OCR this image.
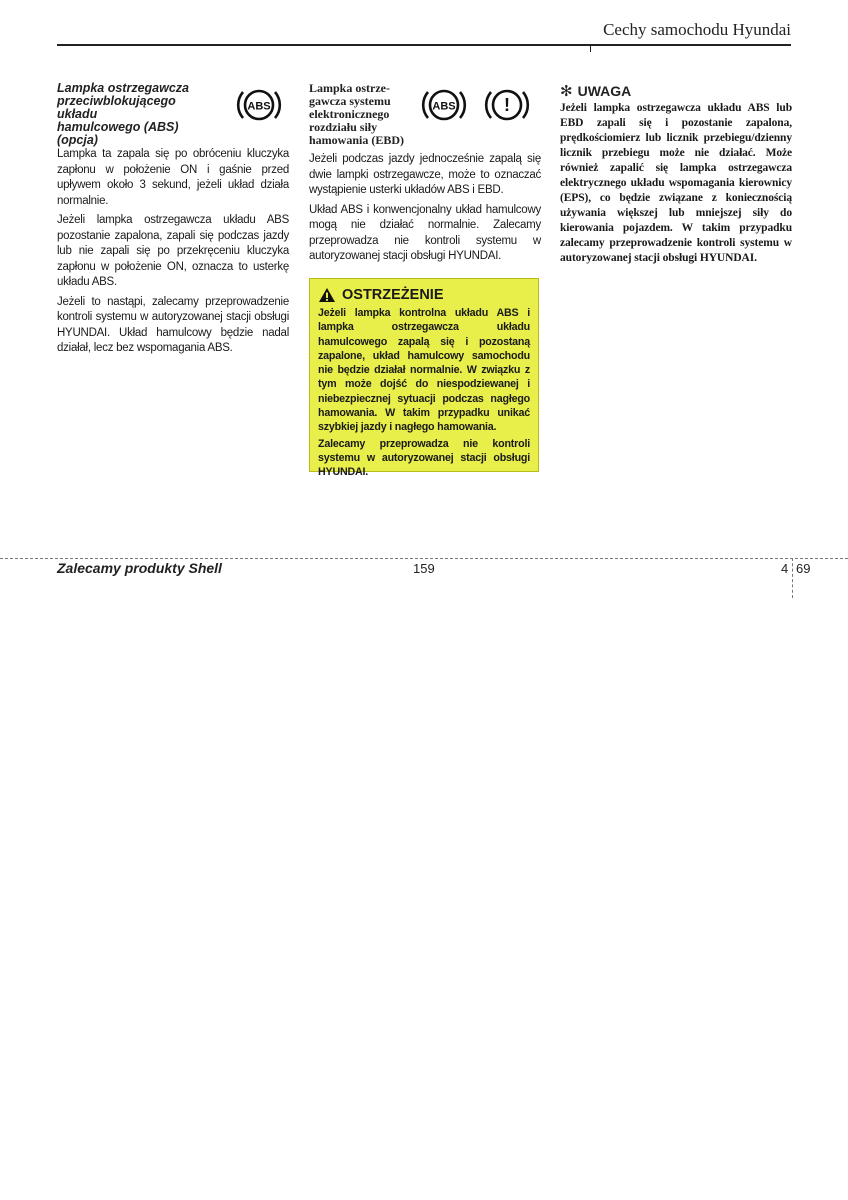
Cechy samochodu Hyundai
Lampka ostrzegawcza
przeciwblokującego układu
hamulcowego (ABS)
(opcja)
ABS

Lampka ta zapala się po obróceniu kluczyka zapłonu w położenie ON i gaśnie przed upływem około 3 sekund, jeżeli układ działa normalnie.

Jeżeli lampka ostrzegawcza układu ABS pozostanie zapalona, zapali się podczas jazdy lub nie zapali się po przekręceniu kluczyka zapłonu w położenie ON, oznacza to usterkę układu ABS.

Jeżeli to nastąpi, zalecamy przeprowadzenie kontroli systemu w autoryzowanej stacji obsługi HYUNDAI. Układ hamulcowy będzie nadal działał, lecz bez wspomagania ABS.

Lampka ostrze-
gawcza systemu
elektronicznego
rozdziału siły
hamowania (EBD)
ABS	!

Jeżeli podczas jazdy jednocześnie zapalą się dwie lampki ostrzegawcze, może to oznaczać wystąpienie usterki układów ABS i EBD.

Układ ABS i konwencjonalny układ hamulcowy mogą nie działać normalnie. Zalecamy przeprowadza nie kontroli systemu w autoryzowanej stacji obsługi HYUNDAI.

OSTRZEŻENIE

Jeżeli lampka kontrolna układu ABS i lampka ostrzegawcza układu hamulcowego zapalą się i pozostaną zapalone, układ hamulcowy samochodu nie będzie działał normalnie. W związku z tym może dojść do niespodziewanej i niebezpiecznej sytuacji podczas nagłego hamowania. W takim przypadku unikać szybkiej jazdy i nagłego hamowania.

Zalecamy przeprowadza nie kontroli systemu w autoryzowanej stacji obsługi HYUNDAI.

✻ UWAGA

Jeżeli lampka ostrzegawcza układu ABS lub EBD zapali się i pozostanie zapalona, prędkościomierz lub licznik przebiegu/dzienny licznik przebiegu może nie działać. Może również zapalić się lampka ostrzegawcza elektrycznego układu wspomagania kierownicy (EPS), co będzie związane z koniecznością używania większej lub mniejszej siły do kierowania pojazdem. W takim przypadku zalecamy przeprowadzenie kontroli systemu w autoryzowanej stacji obsługi HYUNDAI.

Zalecamy produkty Shell	159	4 69
